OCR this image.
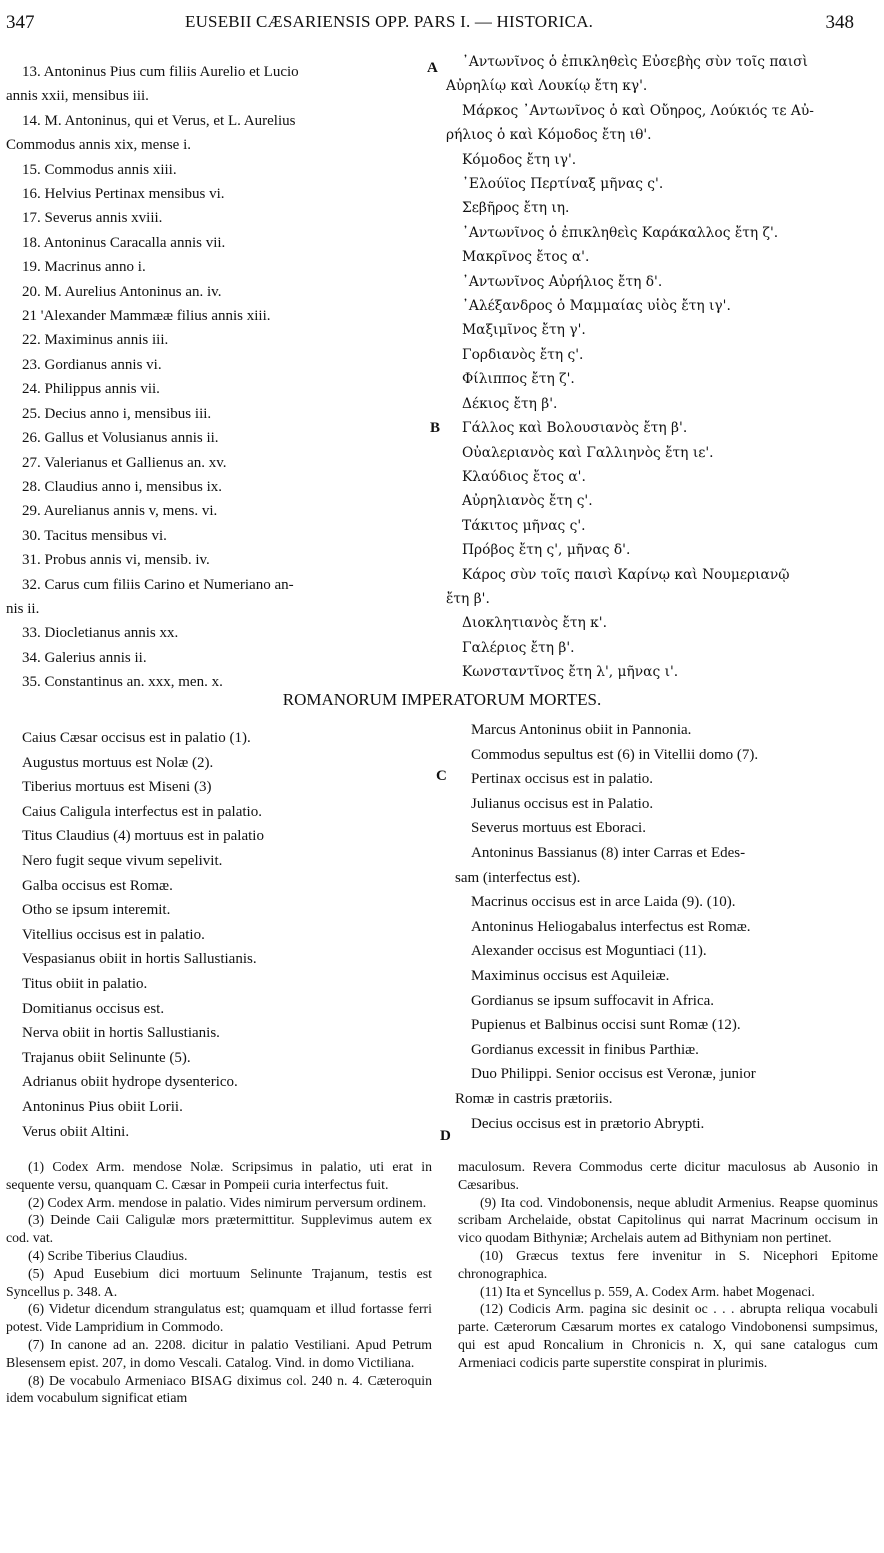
347	EUSEBII CÆSARIENSIS OPP. PARS I. — HISTORICA.	348
A
B
C
D
13. Antoninus Pius cum filiis Aurelio et Lucio
annis xxii, mensibus iii.
14. M. Antoninus, qui et Verus, et L. Aurelius
Commodus annis xix, mense i.
15. Commodus annis xiii.
16. Helvius Pertinax mensibus vi.
17. Severus annis xviii.
18. Antoninus Caracalla annis vii.
19. Macrinus anno i.
20. M. Aurelius Antoninus an. iv.
21 'Alexander Mammææ filius annis xiii.
22. Maximinus annis iii.
23. Gordianus annis vi.
24. Philippus annis vii.
25. Decius anno i, mensibus iii.
26. Gallus et Volusianus annis ii.
27. Valerianus et Gallienus an. xv.
28. Claudius anno i, mensibus ix.
29. Aurelianus annis v, mens. vi.
30. Tacitus mensibus vi.
31. Probus annis vi, mensib. iv.
32. Carus cum filiis Carino et Numeriano an-
nis ii.
33. Diocletianus annis xx.
34. Galerius annis ii.
35. Constantinus an. xxx, men. x.
᾽Αντωνῖνος ὁ ἐπικληθεὶς Εὐσεβὴς σὺν τοῖς παισὶ
Αὐρηλίῳ καὶ Λουκίῳ ἔτη κγ'.
Μάρκος ᾽Αντωνῖνος ὁ καὶ Οὔηρος, Λούκιός τε Αὐ-
ρήλιος ὁ καὶ Κόμοδος ἔτη ιθ'.
Κόμοδος ἔτη ιγ'.
᾽Ελούϊος Περτίναξ μῆνας ς'.
Σεβῆρος ἔτη ιη.
᾽Αντωνῖνος ὁ ἐπικληθεὶς Καράκαλλος ἔτη ζ'.
Μακρῖνος ἔτος α'.
᾽Αντωνῖνος Αὐρήλιος ἔτη δ'.
᾽Αλέξανδρος ὁ Μαμμαίας υἱὸς ἔτη ιγ'.
Μαξιμῖνος ἔτη γ'.
Γορδιανὸς ἔτη ς'.
Φίλιππος ἔτη ζ'.
Δέκιος ἔτη β'.
Γάλλος καὶ Βολουσιανὸς ἔτη β'.
Οὐαλεριανὸς καὶ Γαλλιηνὸς ἔτη ιε'.
Κλαύδιος ἔτος α'.
Αὐρηλιανὸς ἔτη ς'.
Τάκιτος μῆνας ς'.
Πρόβος ἔτη ς', μῆνας δ'.
Κάρος σὺν τοῖς παισὶ Καρίνῳ καὶ Νουμεριανῷ
ἔτη β'.
Διοκλητιανὸς ἔτη κ'.
Γαλέριος ἔτη β'.
Κωνσταντῖνος ἔτη λ', μῆνας ι'.
ROMANORUM IMPERATORUM MORTES.
Caius Cæsar occisus est in palatio (1).
Augustus mortuus est Nolæ (2).
Tiberius mortuus est Miseni (3)
Caius Caligula interfectus est in palatio.
Titus Claudius (4) mortuus est in palatio
Nero fugit seque vivum sepelivit.
Galba occisus est Romæ.
Othо se ipsum interemit.
Vitellius occisus est in palatio.
Vespasianus obiit in hortis Sallustianis.
Titus obiit in palatio.
Domitianus occisus est.
Nerva obiit in hortis Sallustianis.
Trajanus obiit Selinunte (5).
Adrianus obiit hydrope dysenterico.
Antoninus Pius obiit Lorii.
Verus obiit Altini.
Marcus Antoninus obiit in Pannonia.
Commodus sepultus est (6) in Vitellii domo (7).
Pertinax occisus est in palatio.
Julianus occisus est in Palatio.
Severus mortuus est Eboraci.
Antoninus Bassianus (8) inter Carras et Edes-
sam (interfectus est).
Macrinus occisus est in arce Laida (9). (10).
Antoninus Heliogabalus interfectus est Romæ.
Alexander occisus est Moguntiaci (11).
Maximinus occisus est Aquileiæ.
Gordianus se ipsum suffocavit in Africa.
Pupienus et Balbinus occisi sunt Romæ (12).
Gordianus excessit in finibus Parthiæ.
Duo Philippi. Senior occisus est Veronæ, junior
Romæ in castris prætoriis.
Decius occisus est in prætorio Abrypti.

(1) Codex Arm. mendose Nolæ. Scripsimus in palatio, uti erat in sequente versu, quanquam C. Cæsar in Pompeii curia interfectus fuit.

(2) Codex Arm. mendose in palatio. Vides nimirum perversum ordinem.

(3) Deinde Caii Caligulæ mors prætermittitur. Supplevimus autem ex cod. vat.

(4) Scribe Tiberius Claudius.

(5) Apud Eusebium dici mortuum Selinunte Trajanum, testis est Syncellus p. 348. A.

(6) Videtur dicendum strangulatus est; quamquam et illud fortasse ferri potest. Vide Lampridium in Commodo.

(7) In canone ad an. 2208. dicitur in palatio Vestiliani. Apud Petrum Blesensem epist. 207, in domo Vescali. Catalog. Vind. in domo Victiliana.

(8) De vocabulo Armeniaco BISAG diximus col. 240 n. 4. Cæteroquin idem vocabulum significat etiam

maculosum. Revera Commodus certe dicitur maculosus ab Ausonio in Cæsaribus.

(9) Ita cod. Vindobonensis, neque abludit Armenius. Reapse quominus scribam Archelaide, obstat Capitolinus qui narrat Macrinum occisum in vico quodam Bithyniæ; Archelais autem ad Bithyniam non pertinet.

(10) Græcus textus fere invenitur in S. Nicephori Epitome chronographica.

(11) Ita et Syncellus p. 559, A. Codex Arm. habet Mogenaci.

(12) Codicis Arm. pagina sic desinit oc . . . abrupta reliqua vocabuli parte. Cæterorum Cæsarum mortes ex catalogo Vindobonensi sumpsimus, qui est apud Roncalium in Chronicis n. X, qui sane catalogus cum Armeniaci codicis parte superstite conspirat in plurimis.
